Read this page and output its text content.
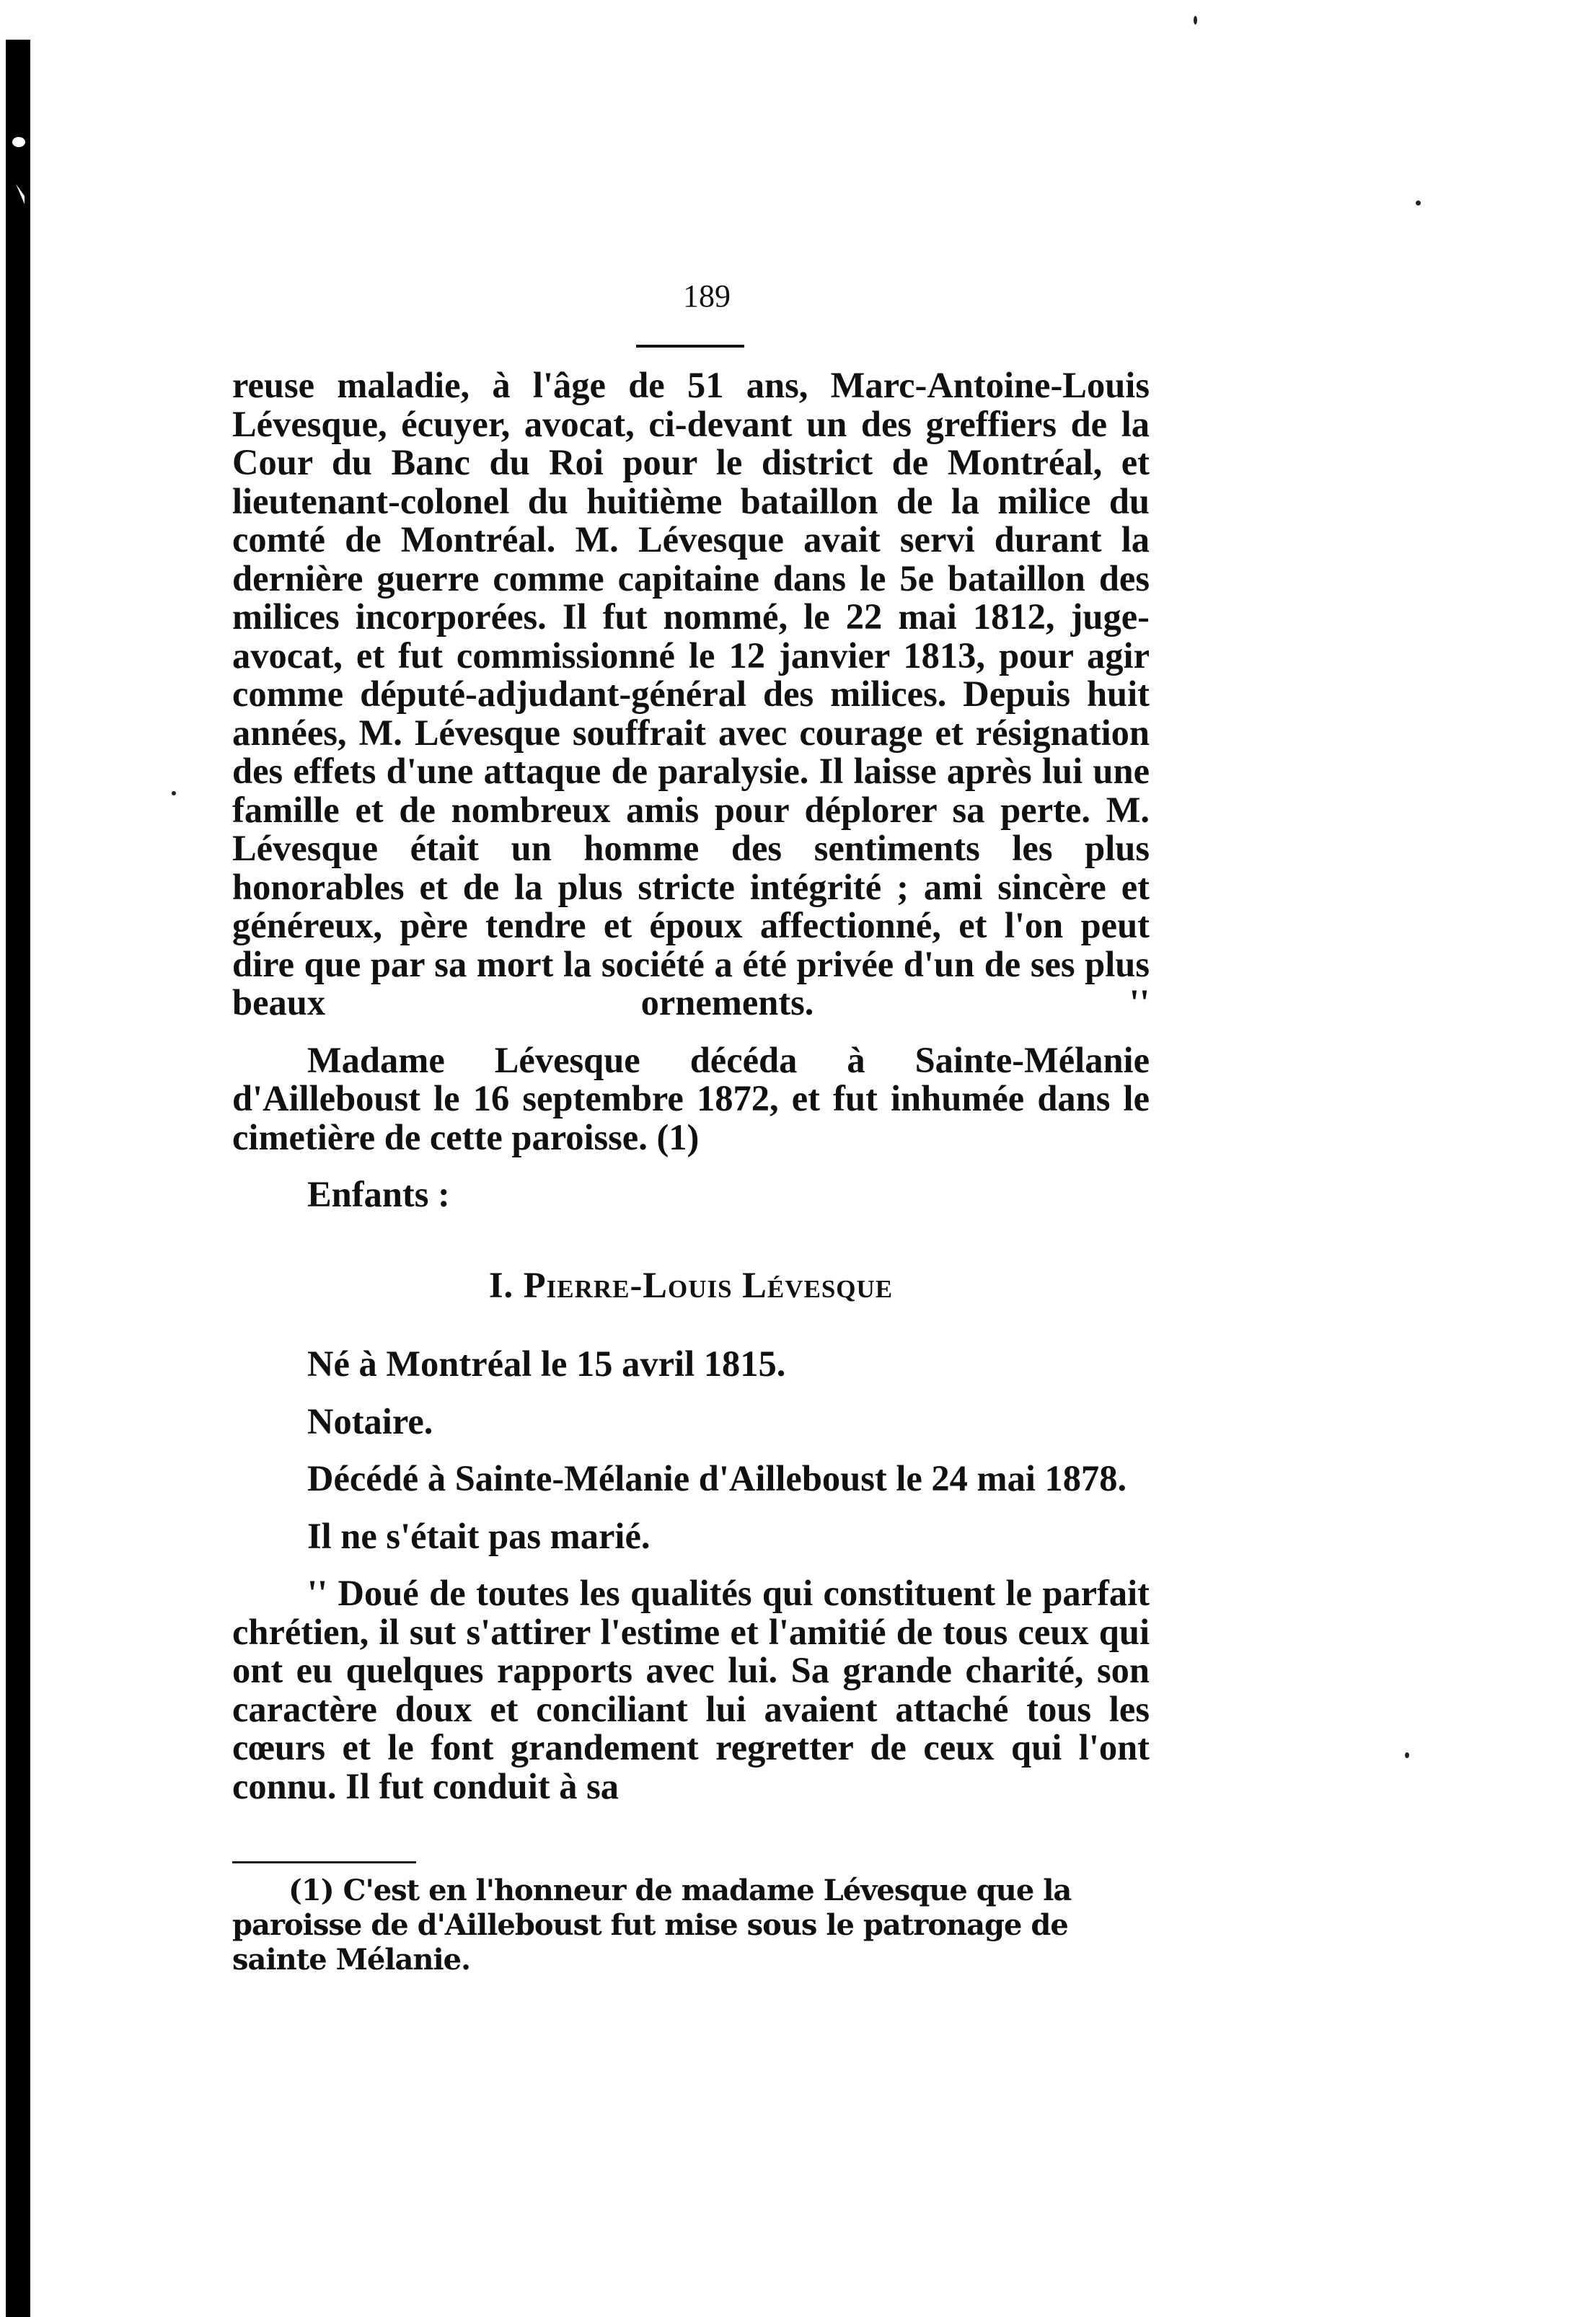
189

reuse maladie, à l'âge de 51 ans, Marc-Antoine-Louis Lévesque, écuyer, avocat, ci-devant un des greffiers de la Cour du Banc du Roi pour le district de Montréal, et lieutenant-colonel du huitième bataillon de la milice du comté de Montréal. M. Lévesque avait servi durant la dernière guerre comme capitaine dans le 5e bataillon des milices incorporées. Il fut nommé, le 22 mai 1812, juge-avocat, et fut commissionné le 12 janvier 1813, pour agir comme député-adjudant-général des milices. Depuis huit années, M. Lévesque souffrait avec courage et résignation des effets d'une attaque de paralysie. Il laisse après lui une famille et de nombreux amis pour déplorer sa perte. M. Lévesque était un homme des sentiments les plus honorables et de la plus stricte intégrité ; ami sincère et généreux, père tendre et époux affectionné, et l'on peut dire que par sa mort la société a été privée d'un de ses plus
beaux ornements. ''

Madame Lévesque décéda à Sainte-Mélanie d'Ailleboust le 16 septembre 1872, et fut inhumée dans le cimetière de cette paroisse. (1)

Enfants :

I. Pierre-Louis Lévesque

Né à Montréal le 15 avril 1815.

Notaire.

Décédé à Sainte-Mélanie d'Ailleboust le 24 mai 1878.

Il ne s'était pas marié.

'' Doué de toutes les qualités qui constituent le parfait chrétien, il sut s'attirer l'estime et l'amitié de tous ceux qui ont eu quelques rapports avec lui. Sa grande charité, son caractère doux et conciliant lui avaient attaché tous les cœurs et le font grandement regretter de ceux qui l'ont connu. Il fut conduit à sa

(1) C'est en l'honneur de madame Lévesque que la paroisse de d'Ailleboust fut mise sous le patronage de sainte Mélanie.
